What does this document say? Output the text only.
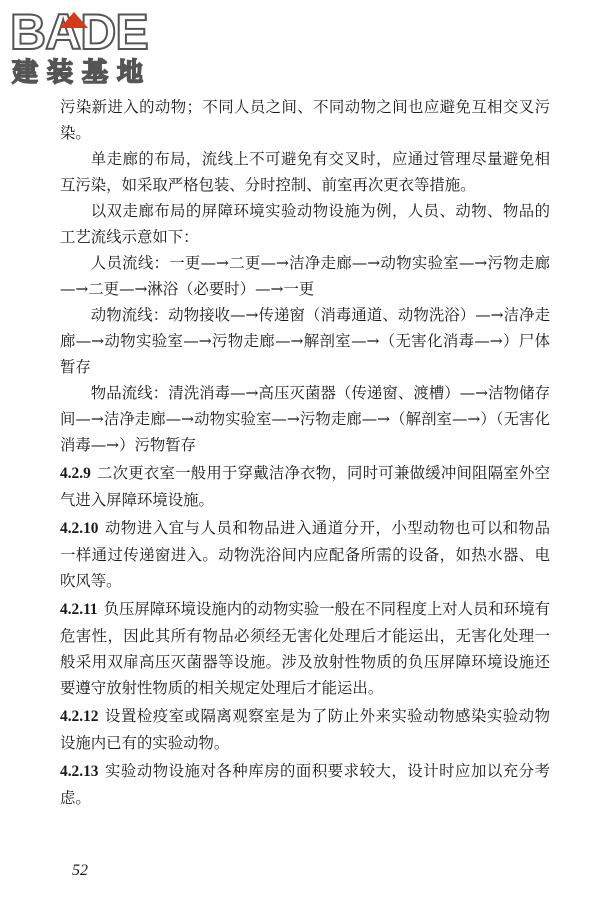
BADE
建装基地

污染新进入的动物；不同人员之间、不同动物之间也应避免互相交叉污染。

单走廊的布局，流线上不可避免有交叉时，应通过管理尽量避免相互污染，如采取严格包装、分时控制、前室再次更衣等措施。

以双走廊布局的屏障环境实验动物设施为例，人员、动物、物品的工艺流线示意如下：

人员流线：一更—→二更—→洁净走廊—→动物实验室—→污物走廊—→二更—→淋浴（必要时）—→一更

动物流线：动物接收—→传递窗（消毒通道、动物洗浴）—→洁净走廊—→动物实验室—→污物走廊—→解剖室—→（无害化消毒—→）尸体暂存

物品流线：清洗消毒—→高压灭菌器（传递窗、渡槽）—→洁物储存间—→洁净走廊—→动物实验室—→污物走廊—→（解剖室—→）（无害化消毒—→）污物暂存

4.2.9 二次更衣室一般用于穿戴洁净衣物，同时可兼做缓冲间阻隔室外空气进入屏障环境设施。

4.2.10 动物进入宜与人员和物品进入通道分开，小型动物也可以和物品一样通过传递窗进入。动物洗浴间内应配备所需的设备，如热水器、电吹风等。

4.2.11 负压屏障环境设施内的动物实验一般在不同程度上对人员和环境有危害性，因此其所有物品必须经无害化处理后才能运出，无害化处理一般采用双扉高压灭菌器等设施。涉及放射性物质的负压屏障环境设施还要遵守放射性物质的相关规定处理后才能运出。

4.2.12 设置检疫室或隔离观察室是为了防止外来实验动物感染实验动物设施内已有的实验动物。

4.2.13 实验动物设施对各种库房的面积要求较大，设计时应加以充分考虑。

52
